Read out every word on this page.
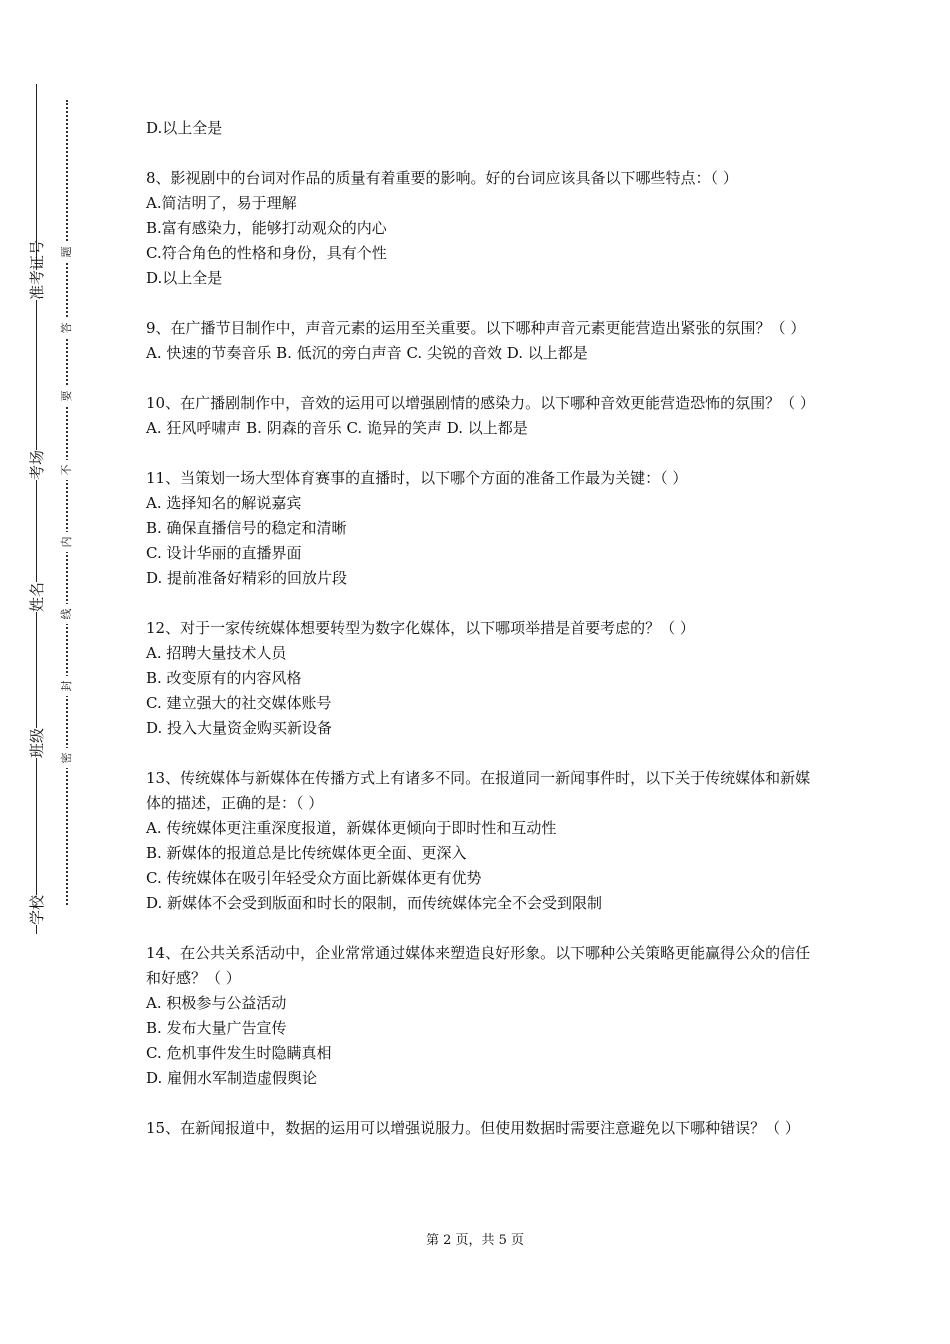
准考证号
考场
姓名
班级
学校
题
答
要
不
内
线
封
密

D.以上全是

8、影视剧中的台词对作品的质量有着重要的影响。好的台词应该具备以下哪些特点：（ ）

A.简洁明了，易于理解

B.富有感染力，能够打动观众的内心

C.符合角色的性格和身份，具有个性

D.以上全是

9、在广播节目制作中，声音元素的运用至关重要。以下哪种声音元素更能营造出紧张的氛围？（ ）

A. 快速的节奏音乐 B. 低沉的旁白声音 C. 尖锐的音效 D. 以上都是

10、在广播剧制作中，音效的运用可以增强剧情的感染力。以下哪种音效更能营造恐怖的氛围？（ ）

A. 狂风呼啸声 B. 阴森的音乐 C. 诡异的笑声 D. 以上都是

11、当策划一场大型体育赛事的直播时，以下哪个方面的准备工作最为关键：（ ）

A. 选择知名的解说嘉宾

B. 确保直播信号的稳定和清晰

C. 设计华丽的直播界面

D. 提前准备好精彩的回放片段

12、对于一家传统媒体想要转型为数字化媒体，以下哪项举措是首要考虑的？（ ）

A. 招聘大量技术人员

B. 改变原有的内容风格

C. 建立强大的社交媒体账号

D. 投入大量资金购买新设备

13、传统媒体与新媒体在传播方式上有诸多不同。在报道同一新闻事件时，以下关于传统媒体和新媒体的描述，正确的是：（ ）

A. 传统媒体更注重深度报道，新媒体更倾向于即时性和互动性

B. 新媒体的报道总是比传统媒体更全面、更深入

C. 传统媒体在吸引年轻受众方面比新媒体更有优势

D. 新媒体不会受到版面和时长的限制，而传统媒体完全不会受到限制

14、在公共关系活动中，企业常常通过媒体来塑造良好形象。以下哪种公关策略更能赢得公众的信任和好感？（ ）

A. 积极参与公益活动

B. 发布大量广告宣传

C. 危机事件发生时隐瞒真相

D. 雇佣水军制造虚假舆论

15、在新闻报道中，数据的运用可以增强说服力。但使用数据时需要注意避免以下哪种错误？（ ）

第 2 页，共 5 页
